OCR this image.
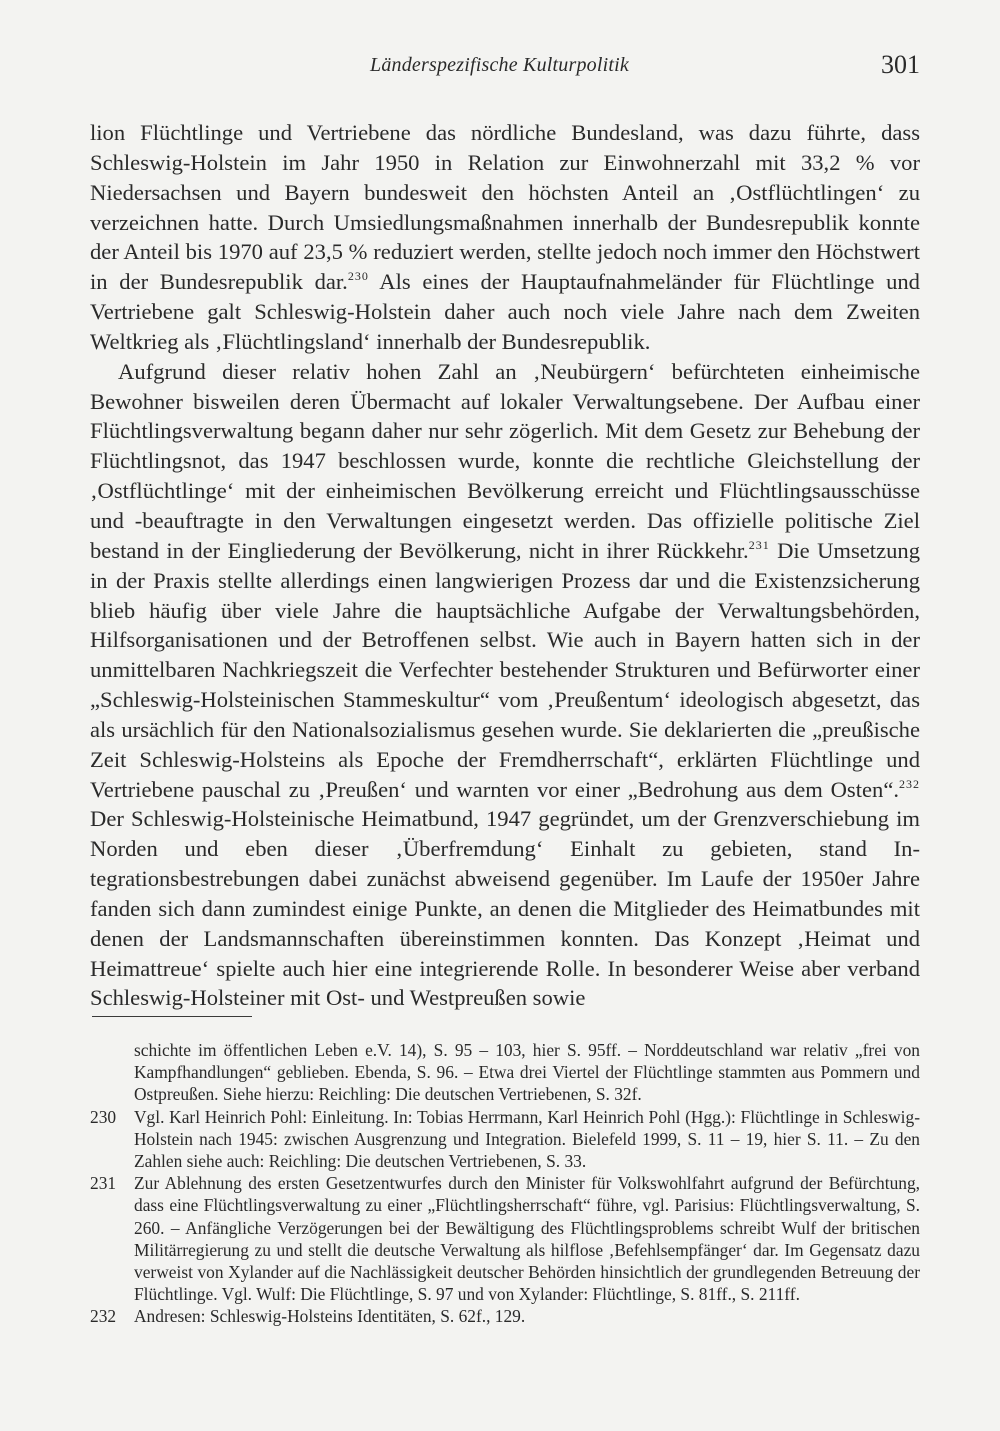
Länderspezifische Kulturpolitik	301

lion Flüchtlinge und Vertriebene das nördliche Bundesland, was dazu führte, dass Schleswig-Holstein im Jahr 1950 in Relation zur Einwohnerzahl mit 33,2 % vor Niedersachsen und Bayern bundesweit den höchsten Anteil an ‚Ostflüchtlingen‘ zu verzeichnen hatte. Durch Umsiedlungsmaßnahmen innerhalb der Bundesrepublik konnte der Anteil bis 1970 auf 23,5 % reduziert werden, stellte jedoch noch immer den Höchstwert in der Bundesrepublik dar.$^{230}$ Als eines der Hauptaufnahmeländer für Flüchtlinge und Vertriebene galt Schleswig-Holstein daher auch noch viele Jahre nach dem Zweiten Weltkrieg als ‚Flüchtlingsland‘ innerhalb der Bundesrepublik.

Aufgrund dieser relativ hohen Zahl an ‚Neubürgern‘ befürchteten einheimische Bewohner bisweilen deren Übermacht auf lokaler Verwaltungsebene. Der Aufbau einer Flüchtlingsverwaltung begann daher nur sehr zögerlich. Mit dem Gesetz zur Behebung der Flüchtlingsnot, das 1947 beschlossen wurde, konnte die rechtliche Gleichstellung der ‚Ostflüchtlinge‘ mit der einheimischen Bevölkerung erreicht und Flüchtlingsausschüsse und -beauftragte in den Verwaltungen eingesetzt werden. Das offizielle politische Ziel bestand in der Eingliederung der Bevölkerung, nicht in ihrer Rückkehr.$^{231}$ Die Umsetzung in der Praxis stellte allerdings einen langwierigen Prozess dar und die Existenzsicherung blieb häufig über viele Jahre die hauptsächliche Aufgabe der Verwaltungsbehörden, Hilfsorganisationen und der Betroffenen selbst. Wie auch in Bayern hatten sich in der unmittelbaren Nachkriegszeit die Verfechter bestehender Strukturen und Befürworter einer „Schleswig-Holsteinischen Stammeskultur“ vom ‚Preußentum‘ ideologisch abgesetzt, das als ursächlich für den Nationalsozialismus gesehen wurde. Sie deklarierten die „preußische Zeit Schleswig-Holsteins als Epoche der Fremdherrschaft“, erklärten Flüchtlinge und Vertriebene pauschal zu ‚Preußen‘ und warnten vor einer „Bedrohung aus dem Osten“.$^{232}$ Der Schleswig-Holsteinische Heimatbund, 1947 gegründet, um der Grenzverschiebung im Norden und eben dieser ‚Überfremdung‘ Einhalt zu gebieten, stand Integrationsbestrebungen dabei zunächst abweisend gegenüber. Im Laufe der 1950er Jahre fanden sich dann zumindest einige Punkte, an denen die Mitglieder des Heimatbundes mit denen der Landsmannschaften übereinstimmen konnten. Das Konzept ‚Heimat und Heimattreue‘ spielte auch hier eine integrierende Rolle. In besonderer Weise aber verband Schleswig-Holsteiner mit Ost- und Westpreußen sowie

schichte im öffentlichen Leben e.V. 14), S. 95 – 103, hier S. 95ff. – Norddeutschland war relativ „frei von Kampfhandlungen“ geblieben. Ebenda, S. 96. – Etwa drei Viertel der Flüchtlinge stammten aus Pommern und Ostpreußen. Siehe hierzu: Reichling: Die deutschen Vertriebenen, S. 32f.
230 Vgl. Karl Heinrich Pohl: Einleitung. In: Tobias Herrmann, Karl Heinrich Pohl (Hgg.): Flüchtlinge in Schleswig-Holstein nach 1945: zwischen Ausgrenzung und Integration. Bielefeld 1999, S. 11 – 19, hier S. 11. – Zu den Zahlen siehe auch: Reichling: Die deutschen Vertriebenen, S. 33.
231 Zur Ablehnung des ersten Gesetzentwurfes durch den Minister für Volkswohlfahrt aufgrund der Befürchtung, dass eine Flüchtlingsverwaltung zu einer „Flüchtlingsherrschaft“ führe, vgl. Parisius: Flüchtlingsverwaltung, S. 260. – Anfängliche Verzögerungen bei der Bewältigung des Flüchtlingsproblems schreibt Wulf der britischen Militärregierung zu und stellt die deutsche Verwaltung als hilflose ‚Befehlsempfänger‘ dar. Im Gegensatz dazu verweist von Xylander auf die Nachlässigkeit deutscher Behörden hinsichtlich der grundlegenden Betreuung der Flüchtlinge. Vgl. Wulf: Die Flüchtlinge, S. 97 und von Xylander: Flüchtlinge, S. 81ff., S. 211ff.
232 Andresen: Schleswig-Holsteins Identitäten, S. 62f., 129.
